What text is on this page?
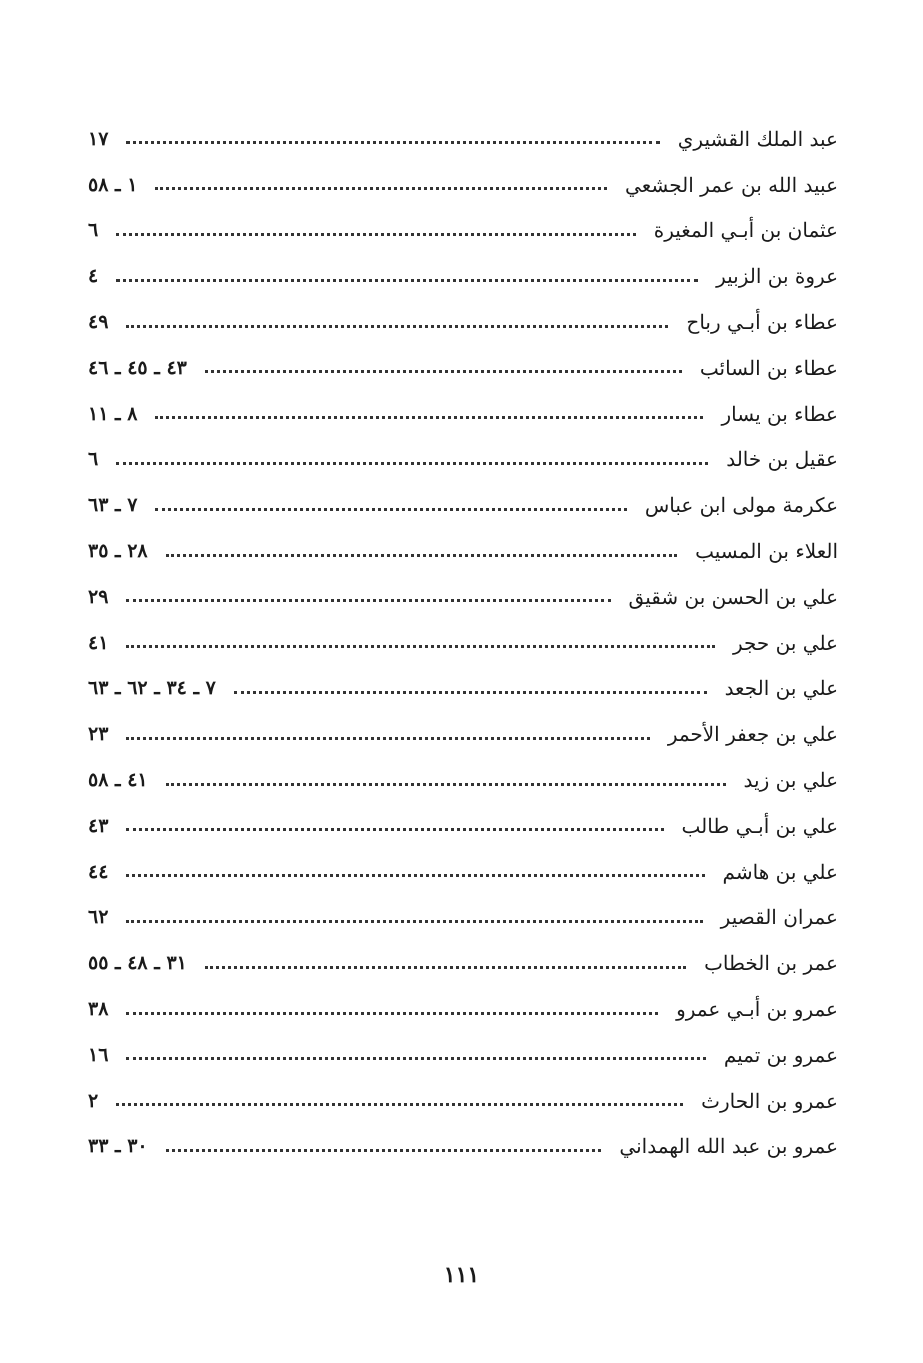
عبد الملك القشيري
١٧
عبيد الله بن عمر الجشعي
١ ـ ٥٨
عثمان بن أبـي المغيرة
٦
عروة بن الزبير
٤
عطاء بن أبـي رباح
٤٩
عطاء بن السائب
٤٣ ـ ٤٥ ـ ٤٦
عطاء بن يسار
٨ ـ ١١
عقيل بن خالد
٦
عكرمة مولى ابن عباس
٧ ـ ٦٣
العلاء بن المسيب
٢٨ ـ ٣٥
علي بن الحسن بن شقيق
٢٩
علي بن حجر
٤١
علي بن الجعد
٧ ـ ٣٤ ـ ٦٢ ـ ٦٣
علي بن جعفر الأحمر
٢٣
علي بن زيد
٤١ ـ ٥٨
علي بن أبـي طالب
٤٣
علي بن هاشم
٤٤
عمران القصير
٦٢
عمر بن الخطاب
٣١ ـ ٤٨ ـ ٥٥
عمرو بن أبـي عمرو
٣٨
عمرو بن تميم
١٦
عمرو بن الحارث
٢
عمرو بن عبد الله الهمداني
٣٠ ـ ٣٣
١١١
